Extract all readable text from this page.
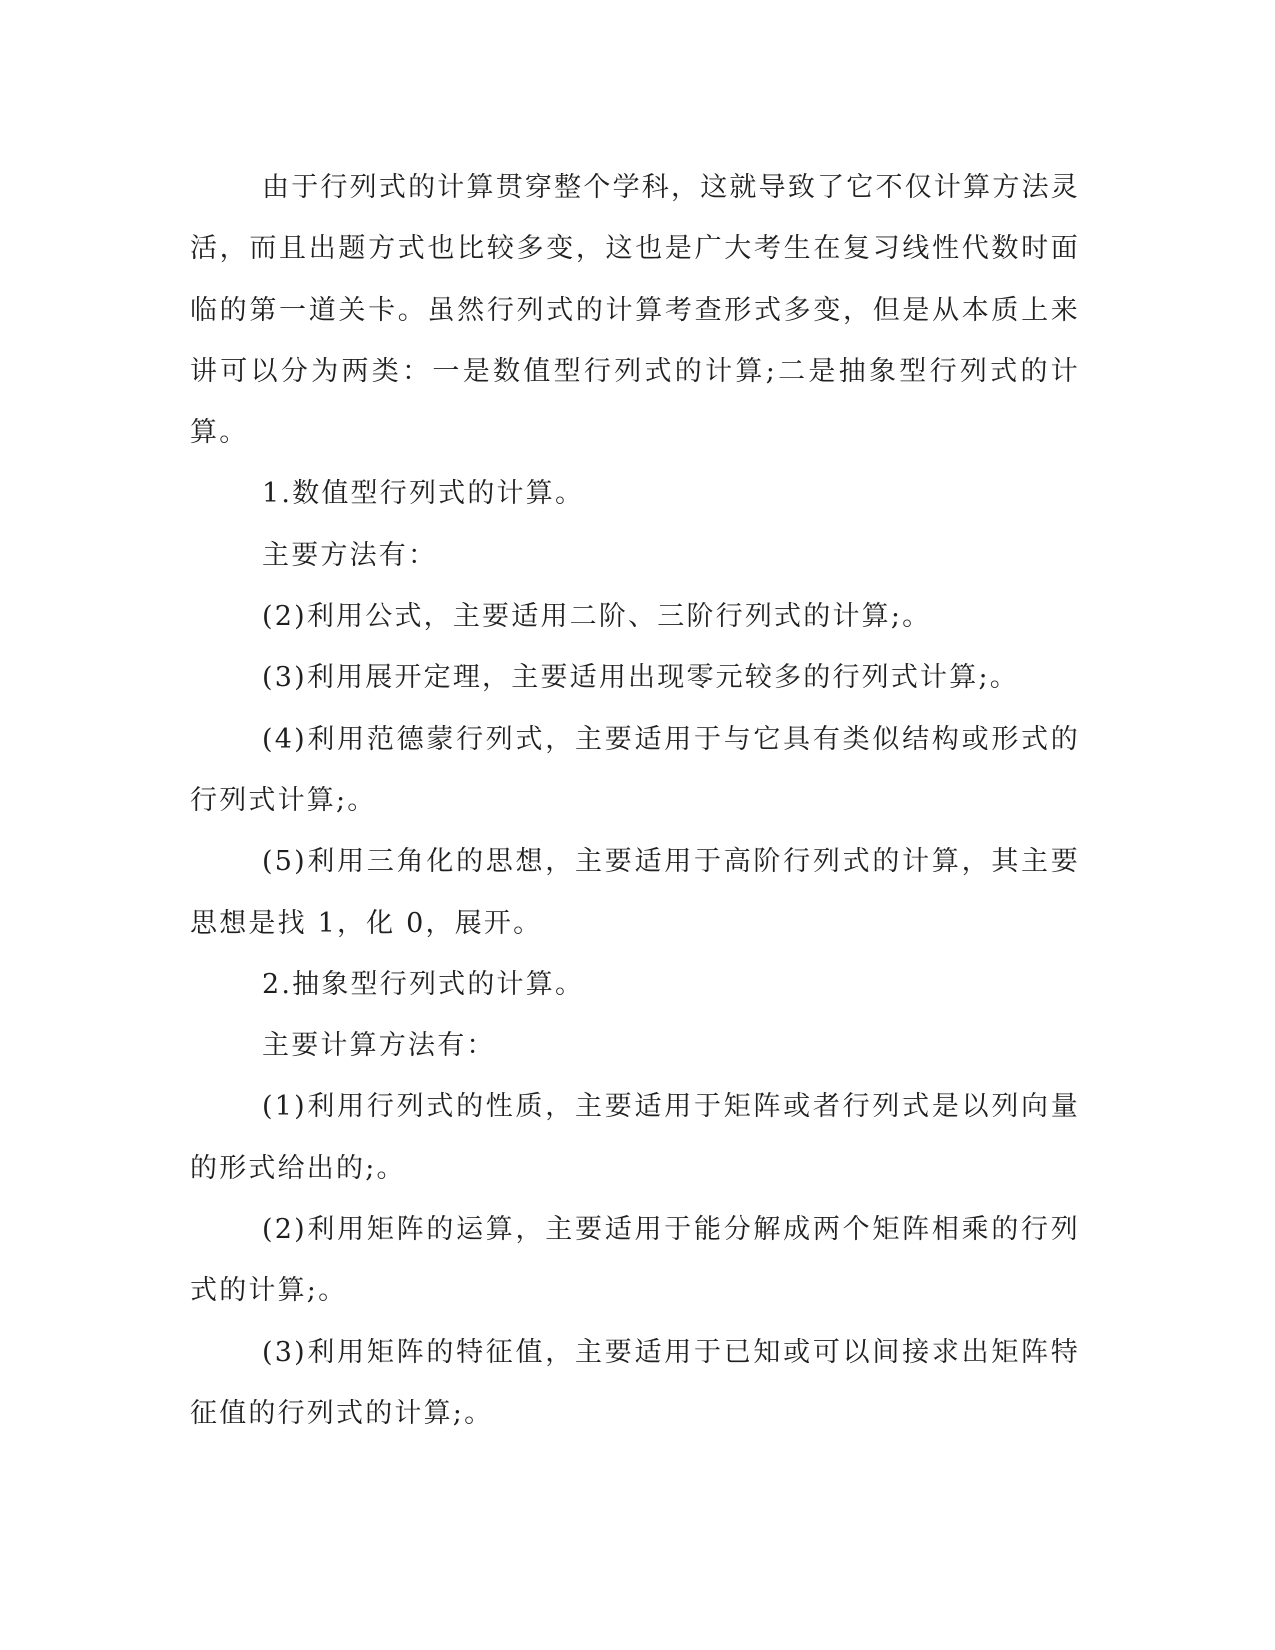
由于行列式的计算贯穿整个学科，这就导致了它不仅计算方法灵活，而且出题方式也比较多变，这也是广大考生在复习线性代数时面临的第一道关卡。虽然行列式的计算考查形式多变，但是从本质上来讲可以分为两类：一是数值型行列式的计算;二是抽象型行列式的计算。

1.数值型行列式的计算。

主要方法有：

(2)利用公式，主要适用二阶、三阶行列式的计算;。

(3)利用展开定理，主要适用出现零元较多的行列式计算;。

(4)利用范德蒙行列式，主要适用于与它具有类似结构或形式的行列式计算;。

(5)利用三角化的思想，主要适用于高阶行列式的计算，其主要思想是找 1，化 0，展开。

2.抽象型行列式的计算。

主要计算方法有：

(1)利用行列式的性质，主要适用于矩阵或者行列式是以列向量的形式给出的;。

(2)利用矩阵的运算，主要适用于能分解成两个矩阵相乘的行列式的计算;。

(3)利用矩阵的特征值，主要适用于已知或可以间接求出矩阵特征值的行列式的计算;。
